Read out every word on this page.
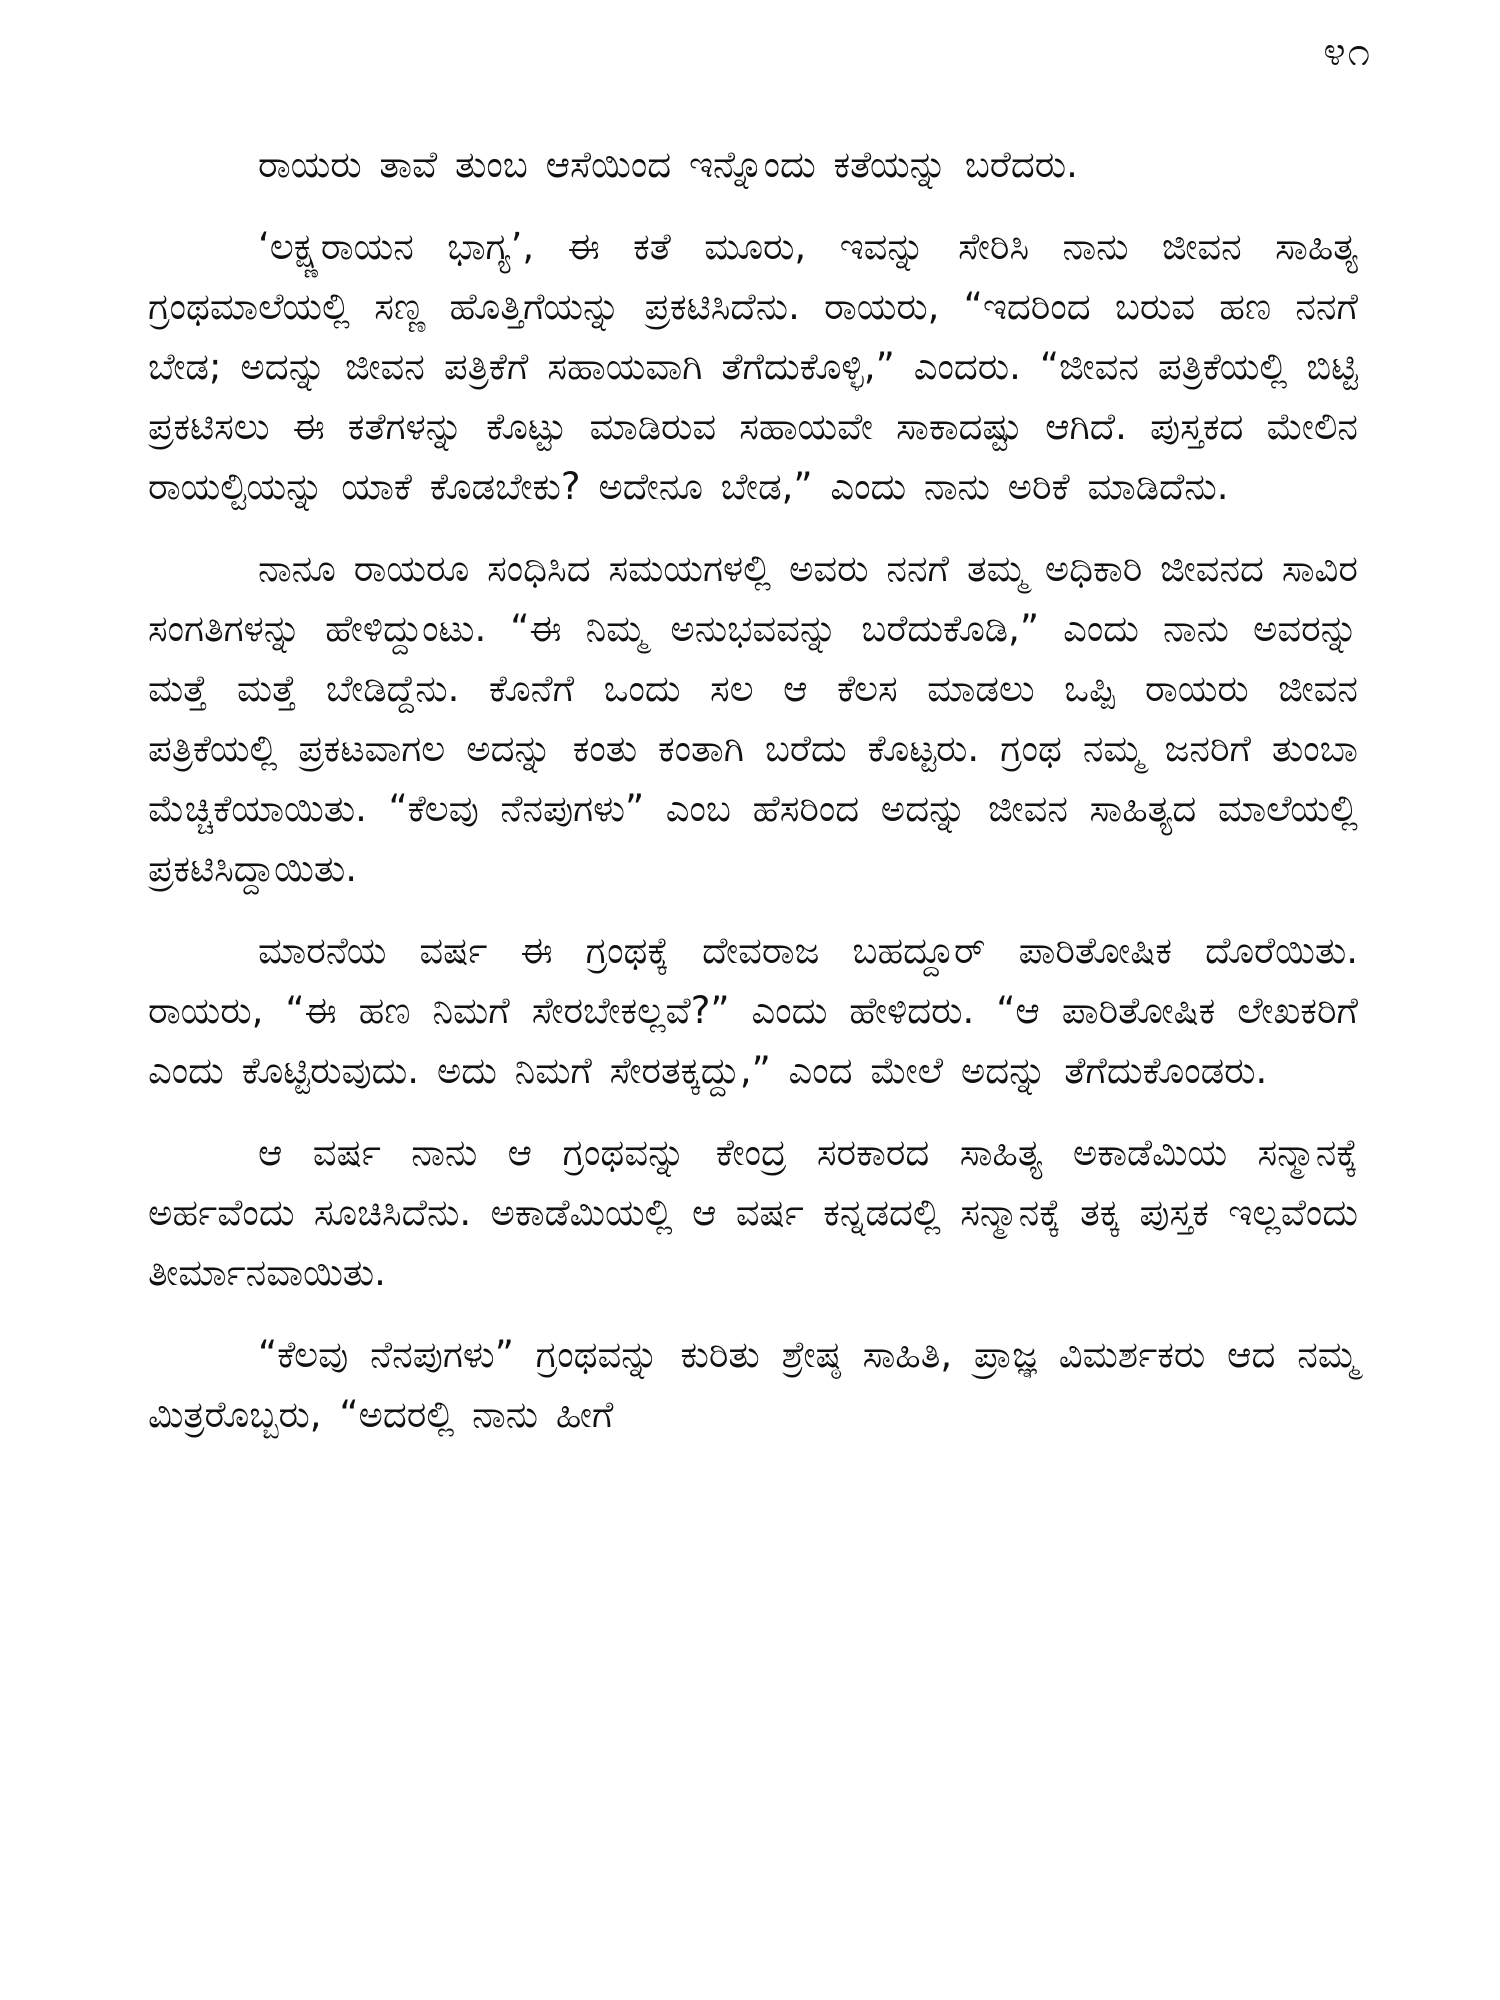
೪೧

ರಾಯರು ತಾವೆ ತುಂಬ ಆಸೆಯಿಂದ ಇನ್ನೊಂದು ಕತೆಯನ್ನು ಬರೆದರು.

‘ಲಕ್ಷ್ಣರಾಯನ ಭಾಗ್ಯ’, ಈ ಕತೆ ಮೂರು, ಇವನ್ನು ಸೇರಿಸಿ ನಾನು ಜೀವನ ಸಾಹಿತ್ಯ ಗ್ರಂಥಮಾಲೆಯಲ್ಲಿ ಸಣ್ಣ ಹೊತ್ತಿಗೆಯನ್ನು ಪ್ರಕಟಿಸಿದೆನು. ರಾಯರು, “ಇದರಿಂದ ಬರುವ ಹಣ ನನಗೆ ಬೇಡ; ಅದನ್ನು ಜೀವನ ಪತ್ರಿಕೆಗೆ ಸಹಾಯವಾಗಿ ತೆಗೆದುಕೊಳ್ಳಿ,” ಎಂದರು. “ಜೀವನ ಪತ್ರಿಕೆಯಲ್ಲಿ ಬಿಟ್ಟಿ ಪ್ರಕಟಿಸಲು ಈ ಕತೆಗಳನ್ನು ಕೊಟ್ಟು ಮಾಡಿರುವ ಸಹಾಯವೇ ಸಾಕಾದಷ್ಟು ಆಗಿದೆ. ಪುಸ್ತಕದ ಮೇಲಿನ ರಾಯಲ್ಟಿಯನ್ನು ಯಾಕೆ ಕೊಡಬೇಕು? ಅದೇನೂ ಬೇಡ,” ಎಂದು ನಾನು ಅರಿಕೆ ಮಾಡಿದೆನು.

ನಾನೂ ರಾಯರೂ ಸಂಧಿಸಿದ ಸಮಯಗಳಲ್ಲಿ ಅವರು ನನಗೆ ತಮ್ಮ ಅಧಿಕಾರಿ ಜೀವನದ ಸಾವಿರ ಸಂಗತಿಗಳನ್ನು ಹೇಳಿದ್ದುಂಟು. “ಈ ನಿಮ್ಮ ಅನುಭವವನ್ನು ಬರೆದುಕೊಡಿ,” ಎಂದು ನಾನು ಅವರನ್ನು ಮತ್ತೆ ಮತ್ತೆ ಬೇಡಿದ್ದೆನು. ಕೊನೆಗೆ ಒಂದು ಸಲ ಆ ಕೆಲಸ ಮಾಡಲು ಒಪ್ಪಿ ರಾಯರು ಜೀವನ ಪತ್ರಿಕೆಯಲ್ಲಿ ಪ್ರಕಟವಾಗಲ ಅದನ್ನು ಕಂತು ಕಂತಾಗಿ ಬರೆದು ಕೊಟ್ಟರು. ಗ್ರಂಥ ನಮ್ಮ ಜನರಿಗೆ ತುಂಬಾ ಮೆಚ್ಚಿಕೆಯಾಯಿತು. “ಕೆಲವು ನೆನಪುಗಳು” ಎಂಬ ಹೆಸರಿಂದ ಅದನ್ನು ಜೀವನ ಸಾಹಿತ್ಯದ ಮಾಲೆಯಲ್ಲಿ ಪ್ರಕಟಿಸಿದ್ದಾಯಿತು.

ಮಾರನೆಯ ವರ್ಷ ಈ ಗ್ರಂಥಕ್ಕೆ ದೇವರಾಜ ಬಹದ್ದೂರ್ ಪಾರಿತೋಷಿಕ ದೊರೆಯಿತು. ರಾಯರು, “ಈ ಹಣ ನಿಮಗೆ ಸೇರಬೇಕಲ್ಲವೆ?” ಎಂದು ಹೇಳಿದರು. “ಆ ಪಾರಿತೋಷಿಕ ಲೇಖಕರಿಗೆ ಎಂದು ಕೊಟ್ಟಿರುವುದು. ಅದು ನಿಮಗೆ ಸೇರತಕ್ಕದ್ದು,” ಎಂದ ಮೇಲೆ ಅದನ್ನು ತೆಗೆದುಕೊಂಡರು.

ಆ ವರ್ಷ ನಾನು ಆ ಗ್ರಂಥವನ್ನು ಕೇಂದ್ರ ಸರಕಾರದ ಸಾಹಿತ್ಯ ಅಕಾಡೆಮಿಯ ಸನ್ಮಾನಕ್ಕೆ ಅರ್ಹವೆಂದು ಸೂಚಿಸಿದೆನು. ಅಕಾಡೆಮಿಯಲ್ಲಿ ಆ ವರ್ಷ ಕನ್ನಡದಲ್ಲಿ ಸನ್ಮಾನಕ್ಕೆ ತಕ್ಕ ಪುಸ್ತಕ ಇಲ್ಲವೆಂದು ತೀರ್ಮಾನವಾಯಿತು.

“ಕೆಲವು ನೆನಪುಗಳು” ಗ್ರಂಥವನ್ನು ಕುರಿತು ಶ್ರೇಷ್ಠ ಸಾಹಿತಿ, ಪ್ರಾಜ್ಞ ವಿಮರ್ಶಕರು ಆದ ನಮ್ಮ ಮಿತ್ರರೊಬ್ಬರು, “ಅದರಲ್ಲಿ ನಾನು ಹೀಗೆ
